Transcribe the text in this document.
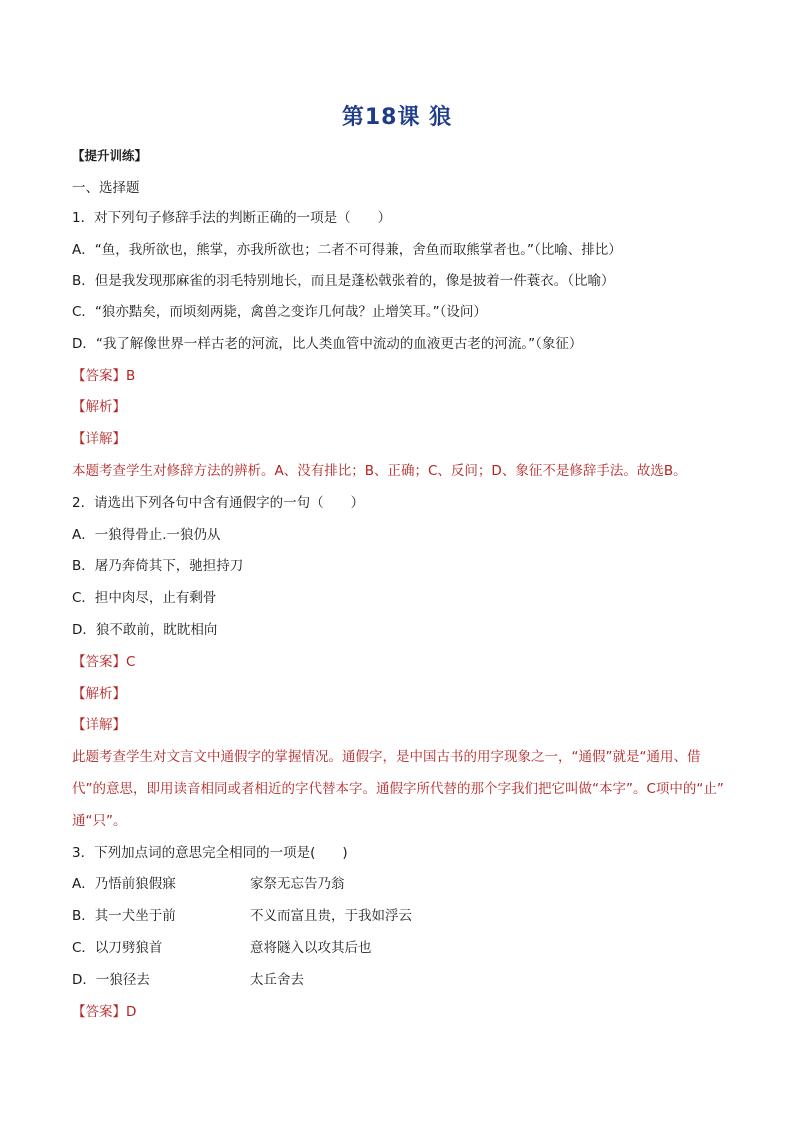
第18课 狼
【提升训练】
一、选择题
1．对下列句子修辞手法的判断正确的一项是（　　）
A．“鱼，我所欲也，熊掌，亦我所欲也；二者不可得兼，舍鱼而取熊掌者也。”（比喻、排比）
B．但是我发现那麻雀的羽毛特别地长，而且是蓬松戟张着的，像是披着一件蓑衣。（比喻）
C．“狼亦黠矣，而顷刻两毙，禽兽之变诈几何哉？止增笑耳。”（设问）
D．“我了解像世界一样古老的河流，比人类血管中流动的血液更古老的河流。”（象征）
【答案】B
【解析】
【详解】
本题考查学生对修辞方法的辨析。A、没有排比；B、正确；C、反问；D、象征不是修辞手法。故选B。
2．请选出下列各句中含有通假字的一句（　　）
A．一狼得骨止.一狼仍从
B．屠乃奔倚其下，驰担持刀
C．担中肉尽，止有剩骨
D．狼不敢前，眈眈相向
【答案】C
【解析】
【详解】
此题考查学生对文言文中通假字的掌握情况。通假字，是中国古书的用字现象之一，“通假”就是“通用、借
代”的意思，即用读音相同或者相近的字代替本字。通假字所代替的那个字我们把它叫做“本字”。C项中的“止”
通“只”。
3．下列加点词的意思完全相同的一项是(　　)
A．乃悟前狼假寐	家祭无忘告乃翁
B．其一犬坐于前	不义而富且贵，于我如浮云
C．以刀劈狼首	意将隧入以攻其后也
D．一狼径去	太丘舍去
【答案】D
